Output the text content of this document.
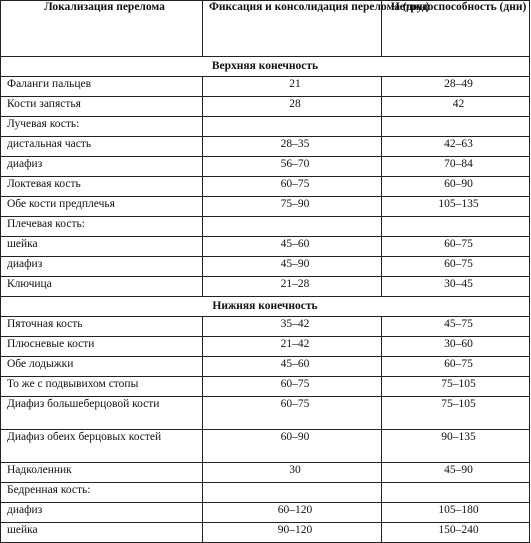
Локализация перелома	Фиксация и консолидация перелома (дни)	Нетрудоспособность (дни)
Верхняя конечность		
Фаланги пальцев	21	28–49
Кости запястья	28	42
Лучевая кость:		
дистальная часть	28–35	42–63
диафиз	56–70	70–84
Локтевая кость	60–75	60–90
Обе кости предплечья	75–90	105–135
Плечевая кость:		
шейка	45–60	60–75
диафиз	45–90	60–75
Ключица	21–28	30–45
Нижняя конечность		
Пяточная кость	35–42	45–75
Плюсневые кости	21–42	30–60
Обе лодыжки	45–60	60–75
То же с подвывихом стопы	60–75	75–105
Диафиз большеберцовой кости	60–75	75–105
Диафиз обеих берцовых костей	60–90	90–135
Надколенник	30	45–90
Бедренная кость:		
диафиз	60–120	105–180
шейка	90–120	150–240
